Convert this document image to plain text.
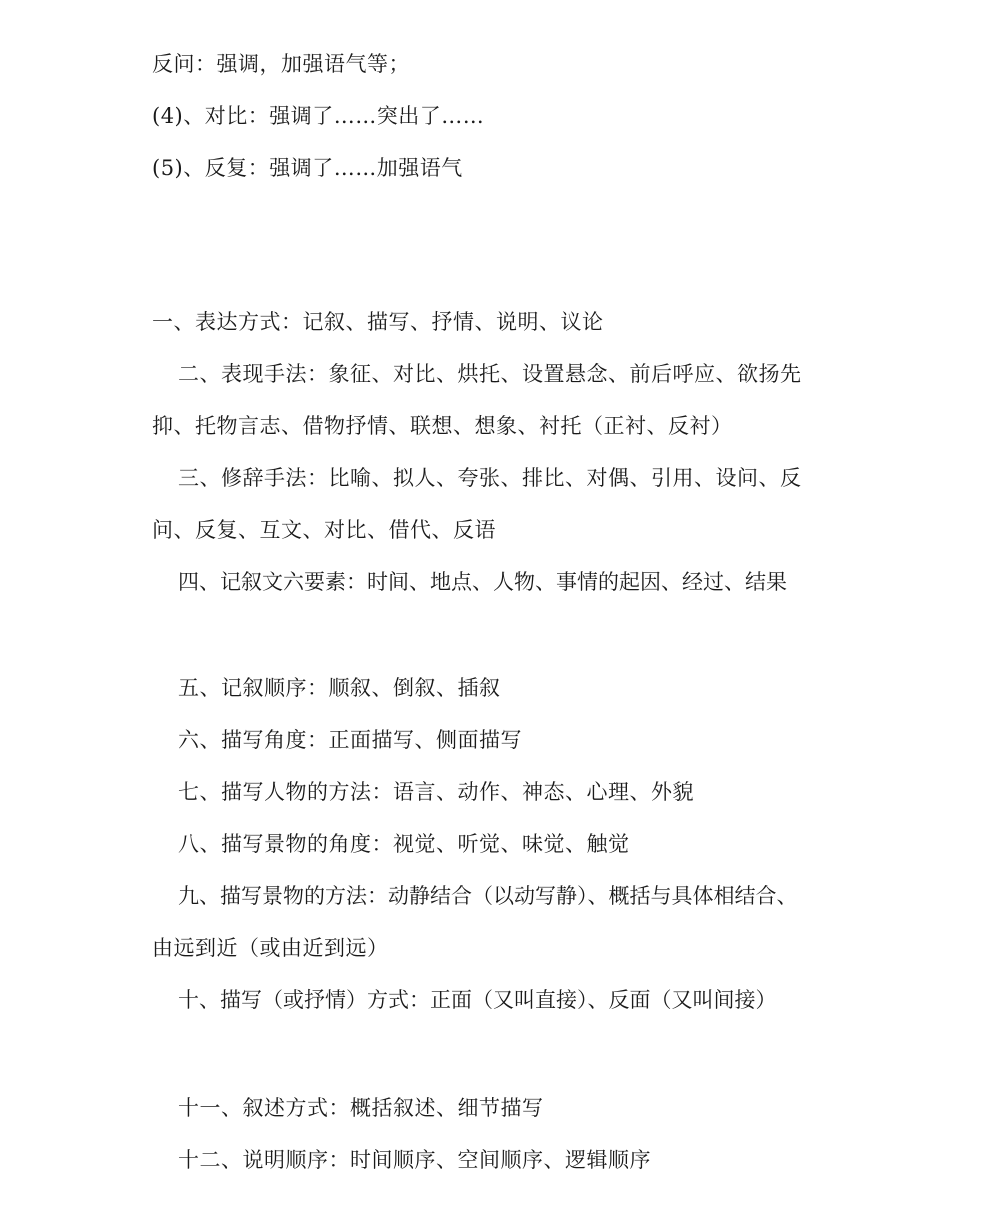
反问：强调，加强语气等；
(4)、对比：强调了……突出了……
(5)、反复：强调了……加强语气
一、表达方式：记叙、描写、抒情、说明、议论
二、表现手法：象征、对比、烘托、设置悬念、前后呼应、欲扬先
抑、托物言志、借物抒情、联想、想象、衬托（正衬、反衬）
三、修辞手法：比喻、拟人、夸张、排比、对偶、引用、设问、反
问、反复、互文、对比、借代、反语
四、记叙文六要素：时间、地点、人物、事情的起因、经过、结果
五、记叙顺序：顺叙、倒叙、插叙
六、描写角度：正面描写、侧面描写
七、描写人物的方法：语言、动作、神态、心理、外貌
八、描写景物的角度：视觉、听觉、味觉、触觉
九、描写景物的方法：动静结合（以动写静）、概括与具体相结合、
由远到近（或由近到远）
十、描写（或抒情）方式：正面（又叫直接）、反面（又叫间接）
十一、叙述方式：概括叙述、细节描写
十二、说明顺序：时间顺序、空间顺序、逻辑顺序
